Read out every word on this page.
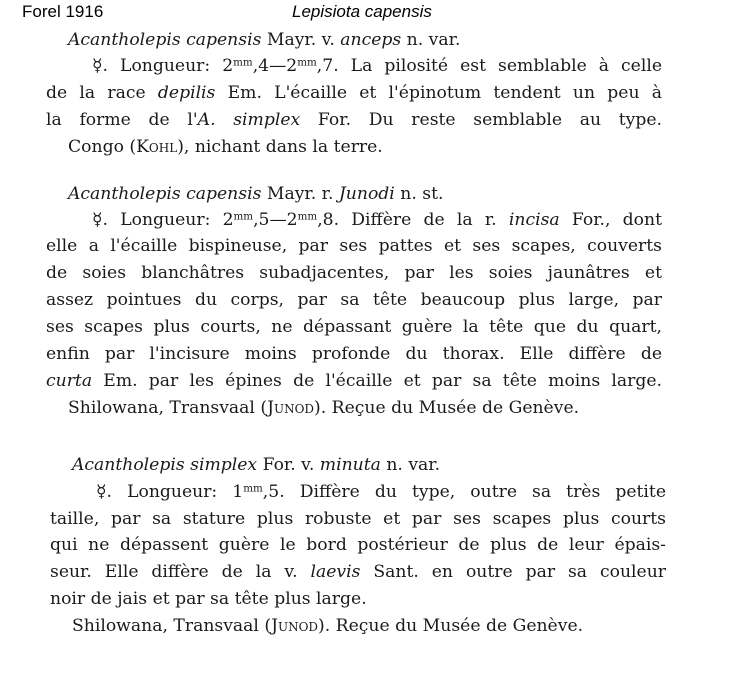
Forel 1916	Lepisiota capensis
Acantholepis capensis Mayr. v. anceps n. var.
☿. Longueur: $2^{mm},4—2^{mm},7$. La pilosité est semblable à celle
de la race depilis Em. L'écaille et l'épinotum tendent un peu à
la forme de l'A. simplex For. Du reste semblable au type.
Congo (Kohl), nichant dans la terre.
Acantholepis capensis Mayr. r. Junodi n. st.
☿. Longueur: $2^{mm},5—2^{mm},8$. Diffère de la r. incisa For., dont
elle a l'écaille bispineuse, par ses pattes et ses scapes, couverts
de soies blanchâtres subadjacentes, par les soies jaunâtres et
assez pointues du corps, par sa tête beaucoup plus large, par
ses scapes plus courts, ne dépassant guère la tête que du quart,
enfin par l'incisure moins profonde du thorax. Elle diffère de
curta Em. par les épines de l'écaille et par sa tête moins large.
Shilowana, Transvaal (Junod). Reçue du Musée de Genève.
Acantholepis simplex For. v. minuta n. var.
☿. Longueur: $1^{mm},5$. Diffère du type, outre sa très petite
taille, par sa stature plus robuste et par ses scapes plus courts
qui ne dépassent guère le bord postérieur de plus de leur épais-
seur. Elle diffère de la v. laevis Sant. en outre par sa couleur
noir de jais et par sa tête plus large.
Shilowana, Transvaal (Junod). Reçue du Musée de Genève.
